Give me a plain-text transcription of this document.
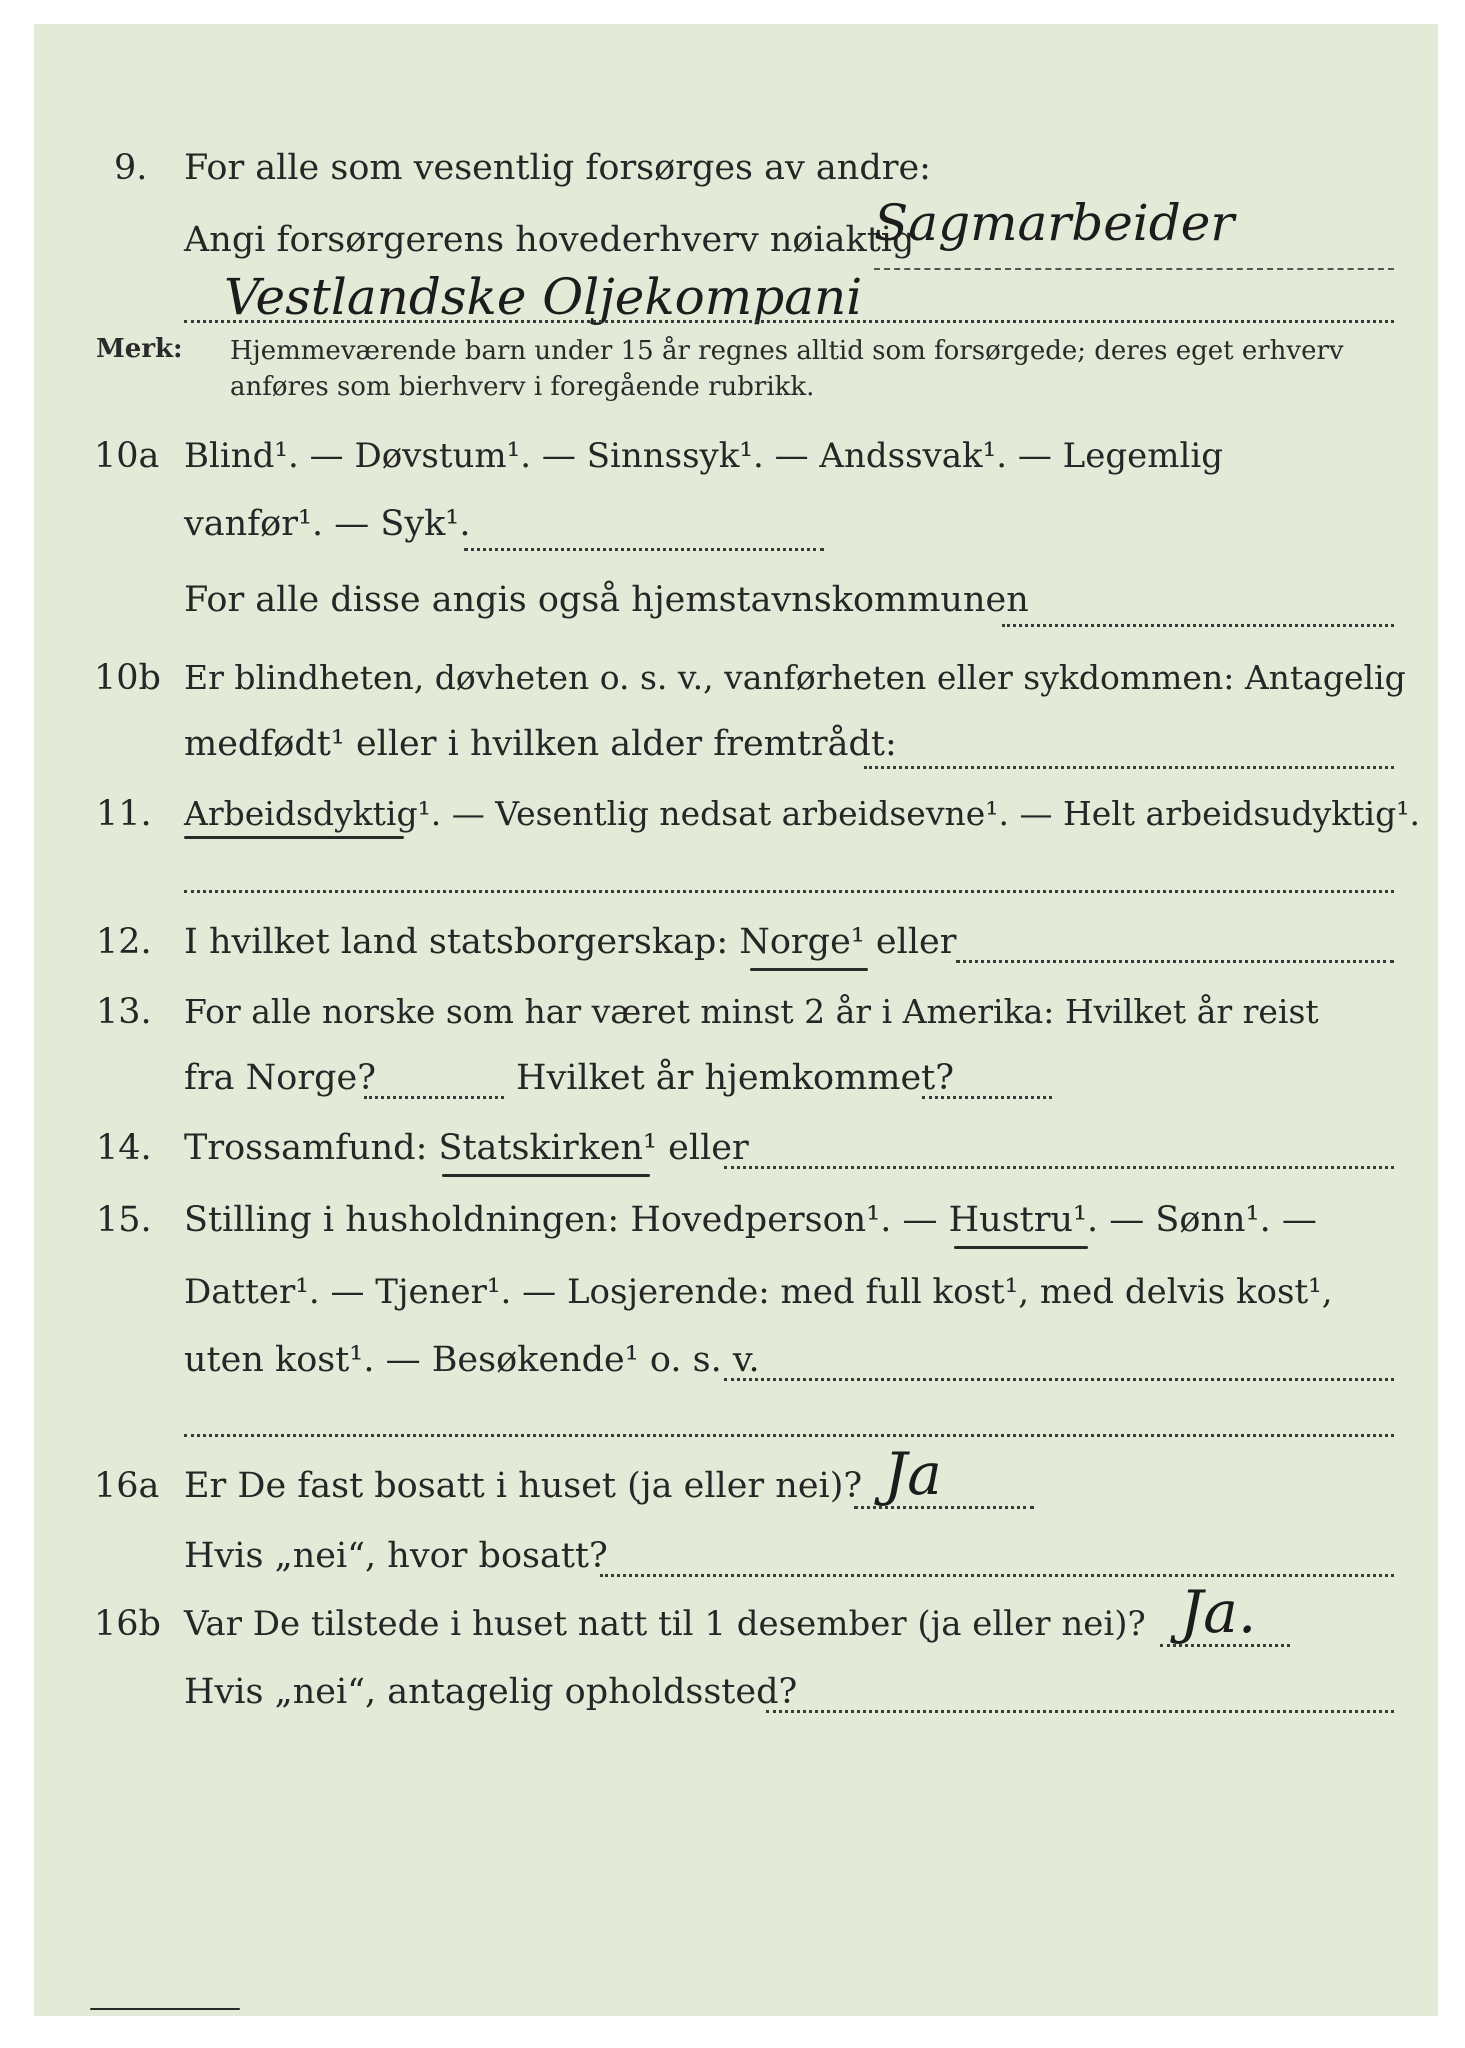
9. For alle som vesentlig forsørges av andre:
Angi forsørgerens hovederhverv nøiaktig
Sagmarbeider
Vestlandske Oljekompani
Merk: Hjemmeværende barn under 15 år regnes alltid som forsørgede; deres eget erhverv
anføres som bierhverv i foregående rubrikk.
10a Blind¹. — Døvstum¹. — Sinnssyk¹. — Andssvak¹. — Legemlig
vanfør¹. — Syk¹.
For alle disse angis også hjemstavnskommunen
10b Er blindheten, døvheten o. s. v., vanførheten eller sykdommen: Antagelig
medfødt¹ eller i hvilken alder fremtrådt:
11. Arbeidsdyktig¹. — Vesentlig nedsat arbeidsevne¹. — Helt arbeidsudyktig¹.
12. I hvilket land statsborgerskap: Norge¹ eller
13. For alle norske som har været minst 2 år i Amerika: Hvilket år reist
fra Norge?	Hvilket år hjemkommet?
14. Trossamfund: Statskirken¹ eller
15. Stilling i husholdningen: Hovedperson¹. — Hustru¹. — Sønn¹. —
Datter¹. — Tjener¹. — Losjerende: med full kost¹, med delvis kost¹,
uten kost¹. — Besøkende¹ o. s. v.
16a Er De fast bosatt i huset (ja eller nei)? Ja
Hvis „nei“, hvor bosatt?
16b Var De tilstede i huset natt til 1 desember (ja eller nei)? Ja.
Hvis „nei“, antagelig opholdssted?
